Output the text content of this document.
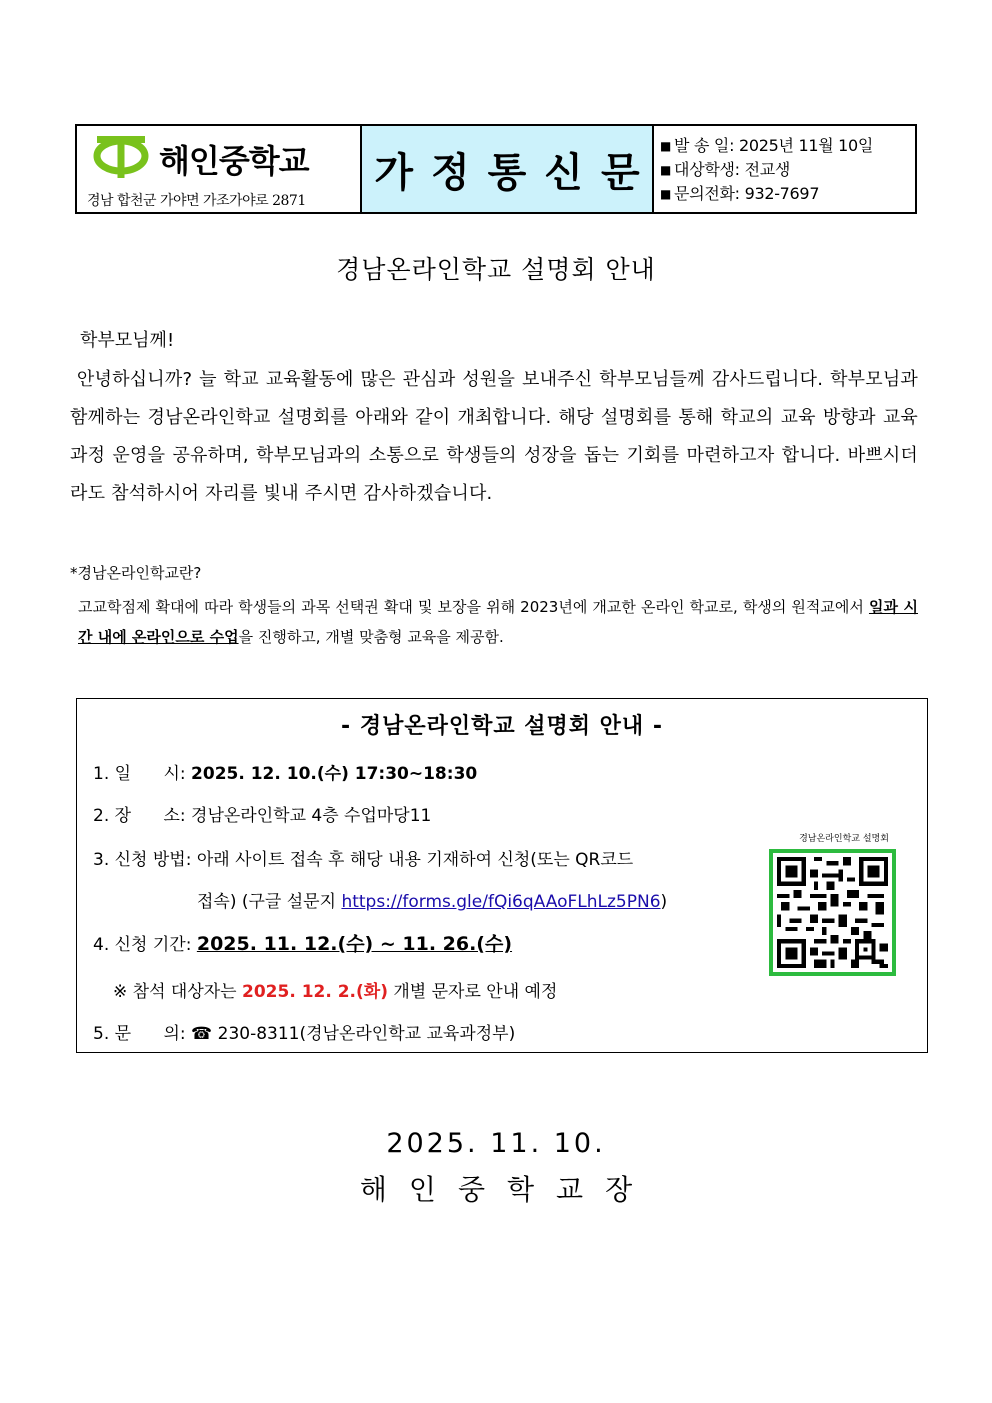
해인중학교
경남 합천군 가야면 가조가야로 2871
가정통신문
■ 발 송 일: 2025년 11월 10일
■ 대상학생: 전교생
■ 문의전화: 932-7697
경남온라인학교 설명회 안내
학부모님께!
안녕하십니까? 늘 학교 교육활동에 많은 관심과 성원을 보내주신 학부모님들께 감사드립니다. 학부모님과 함께하는 경남온라인학교 설명회를 아래와 같이 개최합니다. 해당 설명회를 통해 학교의 교육 방향과 교육과정 운영을 공유하며, 학부모님과의 소통으로 학생들의 성장을 돕는 기회를 마련하고자 합니다. 바쁘시더라도 참석하시어 자리를 빛내 주시면 감사하겠습니다.
*경남온라인학교란?
고교학점제 확대에 따라 학생들의 과목 선택권 확대 및 보장을 위해 2023년에 개교한 온라인 학교로, 학생의 원적교에서 일과 시간 내에 온라인으로 수업을 진행하고, 개별 맞춤형 교육을 제공함.
- 경남온라인학교 설명회 안내 -
1. 일      시: 2025. 12. 10.(수) 17:30~18:30
2. 장      소: 경남온라인학교 4층 수업마당11
3. 신청 방법: 아래 사이트 접속 후 해당 내용 기재하여 신청(또는 QR코드
접속) (구글 설문지 https://forms.gle/fQi6qAAoFLhLz5PN6)
4. 신청 기간: 2025. 11. 12.(수) ~ 11. 26.(수)
※ 참석 대상자는 2025. 12. 2.(화) 개별 문자로 안내 예정
5. 문      의: ☎ 230-8311(경남온라인학교 교육과정부)
경남온라인학교 설명회
2025. 11. 10.
해인중학교장
